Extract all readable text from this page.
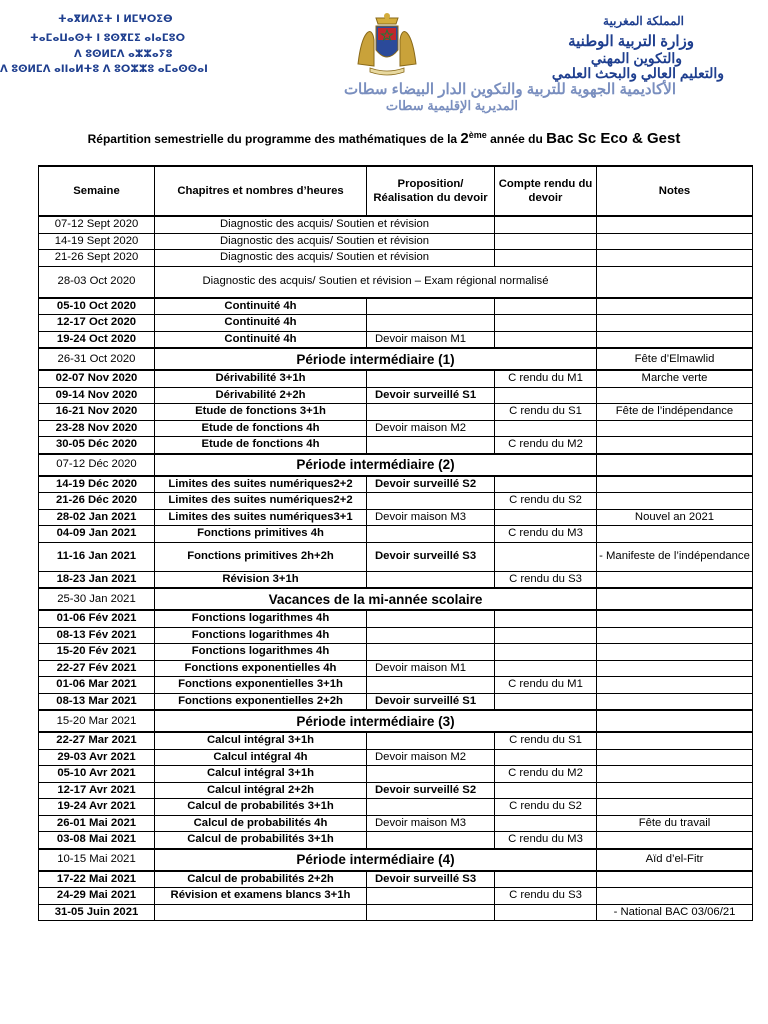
ⵜⴰⴳⵍⴷⵉⵜ ⵏ ⵍⵎⵖⵔⵉⴱ
ⵜⴰⵎⴰⵡⴰⵙⵜ ⵏ ⵓⵙⴳⵎⵉ ⴰⵏⴰⵎⵓⵔ
ⴷ ⵓⵙⵍⵎⴷ ⴰⵣⵣⴰⵢⵓ
ⴷ ⵓⵙⵍⵎⴷ ⴰⵏⵏⴰⵍⵜⵓ ⴷ ⵓⵔⵣⵣⵓ ⴰⵎⴰⵙⵙⴰⵏ
المملكة المغربية
وزارة التربية الوطنية
والتكوين المهني
والتعليم العالي والبحث العلمي
الأكاديمية الجهوية للتربية والتكوين الدار البيضاء سطات
المديرية الإقليمية سطات
Répartition semestrielle du programme des mathématiques de la 2ème année du Bac Sc Eco & Gest
Semaine	Chapitres et nombres d’heures	Proposition/ Réalisation du devoir	Compte rendu du devoir	Notes
07-12 Sept 2020	Diagnostic des acquis/ Soutien et révision			
14-19 Sept 2020	Diagnostic des acquis/ Soutien et révision			
21-26 Sept 2020	Diagnostic des acquis/ Soutien et révision			
28-03 Oct 2020	Diagnostic des acquis/ Soutien et révision – Exam régional normalisé			
05-10 Oct 2020	Continuité 4h			
12-17 Oct 2020	Continuité 4h			
19-24 Oct 2020	Continuité 4h	Devoir maison M1		
26-31 Oct 2020	Période intermédiaire (1)			Fête d’Elmawlid
02-07 Nov 2020	Dérivabilité 3+1h		C rendu du M1	Marche verte
09-14 Nov 2020	Dérivabilité 2+2h	Devoir surveillé S1		
16-21 Nov 2020	Etude de fonctions 3+1h		C rendu du S1	Fête de l’indépendance
23-28 Nov 2020	Etude de fonctions 4h	Devoir maison M2		
30-05 Déc 2020	Etude de fonctions 4h		C rendu du M2	
07-12 Déc 2020	Période intermédiaire (2)			
14-19 Déc 2020	Limites des suites numériques2+2	Devoir surveillé S2		
21-26 Déc 2020	Limites des suites numériques2+2		C rendu du S2	
28-02 Jan 2021	Limites des suites numériques3+1	Devoir maison M3		Nouvel an 2021
04-09 Jan 2021	Fonctions primitives 4h		C rendu du M3	
11-16 Jan 2021	Fonctions primitives 2h+2h	Devoir surveillé S3		- Manifeste de l’indépendance
18-23 Jan 2021	Révision 3+1h		C rendu du S3	
25-30 Jan 2021	Vacances de la mi-année scolaire			
01-06 Fév 2021	Fonctions logarithmes 4h			
08-13 Fév 2021	Fonctions logarithmes 4h			
15-20 Fév 2021	Fonctions logarithmes 4h			
22-27 Fév 2021	Fonctions exponentielles 4h	Devoir maison M1		
01-06 Mar 2021	Fonctions exponentielles 3+1h		C rendu du M1	
08-13 Mar 2021	Fonctions exponentielles 2+2h	Devoir surveillé S1		
15-20 Mar 2021	Période intermédiaire (3)			
22-27 Mar 2021	Calcul intégral 3+1h		C rendu du S1	
29-03 Avr 2021	Calcul intégral 4h	Devoir maison M2		
05-10 Avr 2021	Calcul intégral 3+1h		C rendu du M2	
12-17 Avr 2021	Calcul intégral 2+2h	Devoir surveillé S2		
19-24 Avr 2021	Calcul de probabilités 3+1h		C rendu du S2	
26-01 Mai 2021	Calcul de probabilités 4h	Devoir maison M3		Fête du travail
03-08 Mai 2021	Calcul de probabilités 3+1h		C rendu du M3	
10-15 Mai 2021	Période intermédiaire (4)			Aïd d’el-Fitr
17-22 Mai 2021	Calcul de probabilités 2+2h	Devoir surveillé S3		
24-29 Mai 2021	Révision et examens blancs 3+1h		C rendu du S3	
31-05 Juin 2021				- National BAC 03/06/21
